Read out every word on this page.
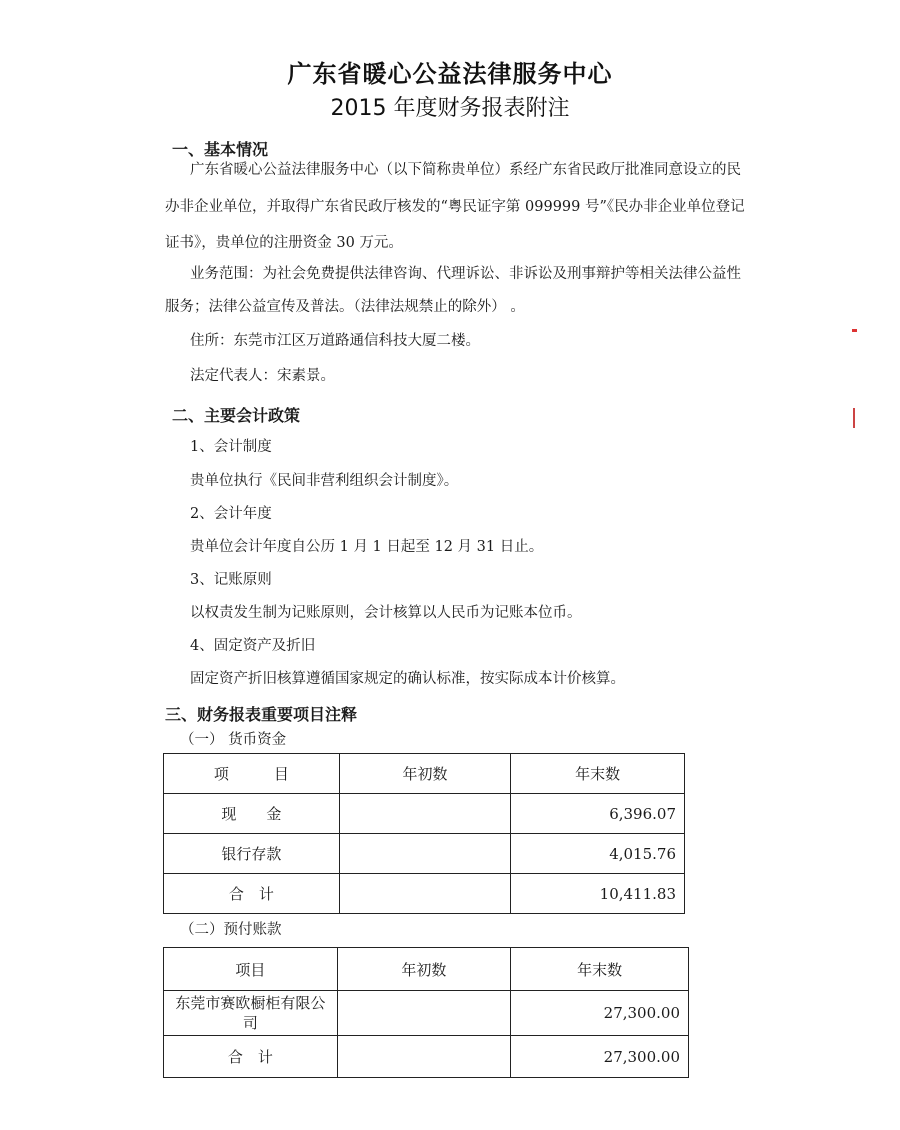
广东省暖心公益法律服务中心
2015 年度财务报表附注
一、基本情况
广东省暖心公益法律服务中心（以下简称贵单位）系经广东省民政厅批准同意设立的民
办非企业单位，并取得广东省民政厅核发的“粤民证字第 099999 号”《民办非企业单位登记
证书》，贵单位的注册资金 30 万元。
业务范围：为社会免费提供法律咨询、代理诉讼、非诉讼及刑事辩护等相关法律公益性
服务；法律公益宣传及普法。（法律法规禁止的除外） 。
住所：东莞市江区万道路通信科技大厦二楼。
法定代表人：宋素景。
二、主要会计政策
1、会计制度
贵单位执行《民间非营利组织会计制度》。
2、会计年度
贵单位会计年度自公历 1 月 1 日起至 12 月 31 日止。
3、记账原则
以权责发生制为记账原则，会计核算以人民币为记账本位币。
4、固定资产及折旧
固定资产折旧核算遵循国家规定的确认标准，按实际成本计价核算。
三、财务报表重要项目注释
（一） 货币资金
项　　　目	年初数	年末数
现　　金		6,396.07
银行存款		4,015.76
合　计		10,411.83
（二）预付账款
项目	年初数	年末数
东莞市赛欧橱柜有限公司		27,300.00
合　计		27,300.00
